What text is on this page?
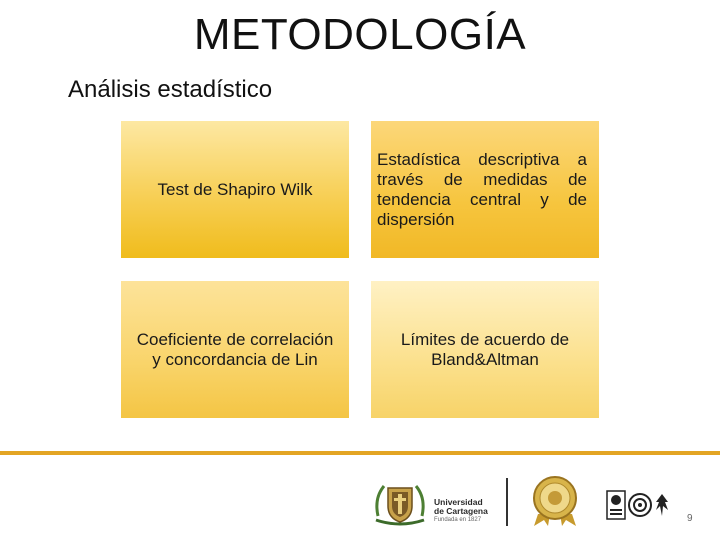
METODOLOGÍA
Análisis estadístico
Test de Shapiro Wilk
Estadística descriptiva a través de medidas de tendencia central y de dispersión
Coeficiente de correlación y concordancia de Lin
Límites de acuerdo de Bland&Altman
Universidad
de Cartagena
Fundada en 1827	9
